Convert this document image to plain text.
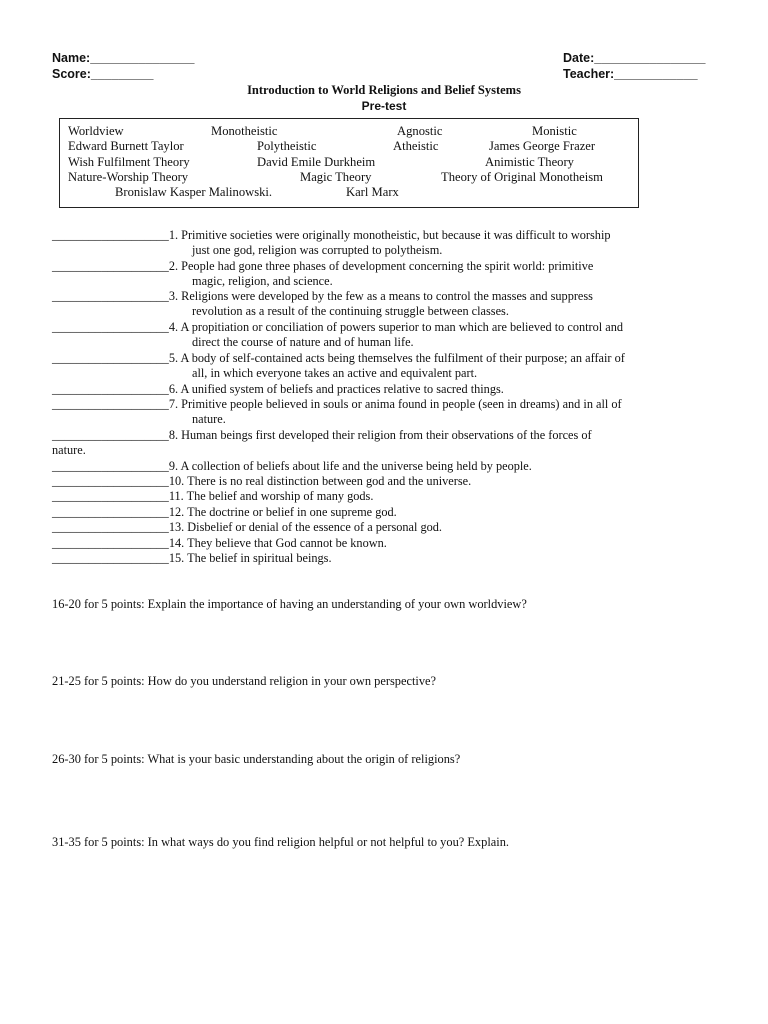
Name:_______________
Score:_________
Date:________________
Teacher:____________
Introduction to World Religions and Belief Systems
Pre-test
Worldview	Monotheistic	Agnostic	Monistic
Edward Burnett Taylor	Polytheistic	Atheistic	James George Frazer
Wish Fulfilment Theory	David Emile Durkheim	Animistic Theory
Nature-Worship Theory	Magic Theory	Theory of Original Monotheism
Bronislaw Kasper Malinowski.	Karl Marx
___________________1. Primitive societies were originally monotheistic, but because it was difficult to worship
just one god, religion was corrupted to polytheism.
___________________2. People had gone three phases of development concerning the spirit world: primitive
magic, religion, and science.
___________________3. Religions were developed by the few as a means to control the masses and suppress
revolution as a result of the continuing struggle between classes.
___________________4. A propitiation or conciliation of powers superior to man which are believed to control and
direct the course of nature and of human life.
___________________5. A body of self-contained acts being themselves the fulfilment of their purpose; an affair of
all, in which everyone takes an active and equivalent part.
___________________6. A unified system of beliefs and practices relative to sacred things.
___________________7. Primitive people believed in souls or anima found in people (seen in dreams) and in all of
nature.
___________________8. Human beings first developed their religion from their observations of the forces of
nature.
___________________9. A collection of beliefs about life and the universe being held by people.
___________________10. There is no real distinction between god and the universe.
___________________11. The belief and worship of many gods.
___________________12. The doctrine or belief in one supreme god.
___________________13. Disbelief or denial of the essence of a personal god.
___________________14. They believe that God cannot be known.
___________________15. The belief in spiritual beings.
16-20 for 5 points: Explain the importance of having an understanding of your own worldview?
21-25 for 5 points: How do you understand religion in your own perspective?
26-30 for 5 points: What is your basic understanding about the origin of religions?
31-35 for 5 points: In what ways do you find religion helpful or not helpful to you? Explain.
